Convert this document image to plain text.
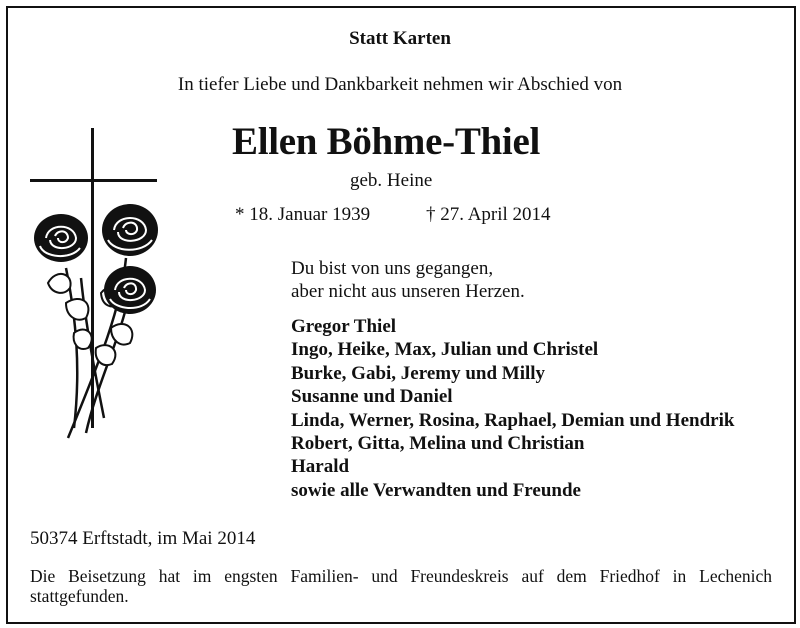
Statt Karten
In tiefer Liebe und Dankbarkeit nehmen wir Abschied von
Ellen Böhme-Thiel
geb. Heine
* 18. Januar 1939	† 27. April 2014
Du bist von uns gegangen,
aber nicht aus unseren Herzen.
Gregor Thiel
Ingo, Heike, Max, Julian und Christel
Burke, Gabi, Jeremy und Milly
Susanne und Daniel
Linda, Werner, Rosina, Raphael, Demian und Hendrik
Robert, Gitta, Melina und Christian
Harald
sowie alle Verwandten und Freunde
50374 Erftstadt, im Mai 2014
Die Beisetzung hat im engsten Familien- und Freundeskreis auf dem Friedhof in Lechenich stattgefunden.
